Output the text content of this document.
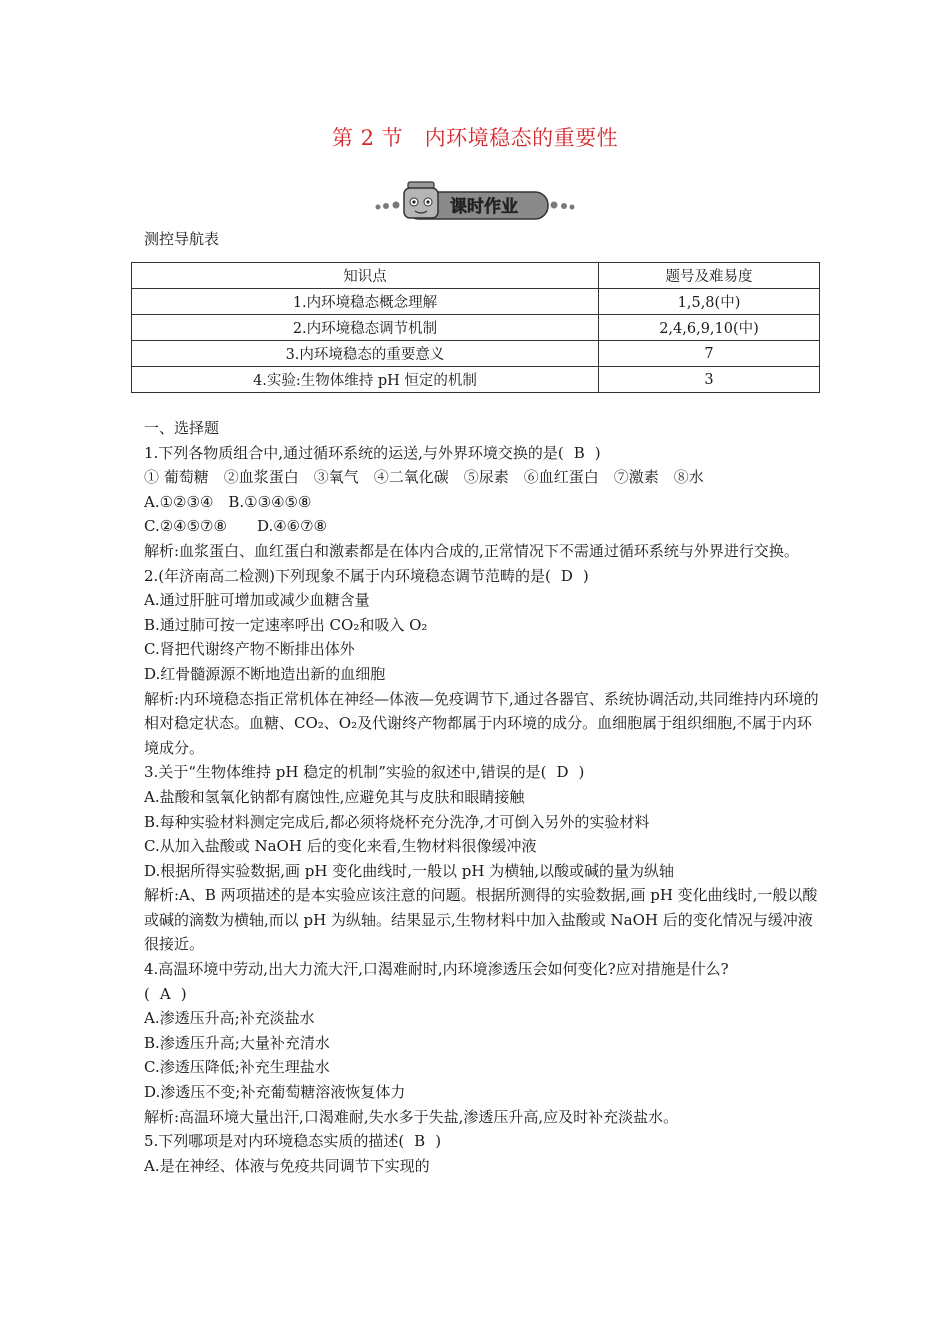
第 2 节　内环境稳态的重要性
课时作业
测控导航表
知识点	题号及难易度
1.内环境稳态概念理解	1,5,8(中)
2.内环境稳态调节机制	2,4,6,9,10(中)
3.内环境稳态的重要意义	7
4.实验:生物体维持 pH 恒定的机制	3

一、选择题

1.下列各物质组合中,通过循环系统的运送,与外界环境交换的是( B )

① 葡萄糖　②血浆蛋白　③氧气　④二氧化碳　⑤尿素　⑥血红蛋白　⑦激素　⑧水

A.①②③④　B.①③④⑤⑧

C.②④⑤⑦⑧　　D.④⑥⑦⑧

解析:血浆蛋白、血红蛋白和激素都是在体内合成的,正常情况下不需通过循环系统与外界进行交换。

2.(年济南高二检测)下列现象不属于内环境稳态调节范畴的是( D )

A.通过肝脏可增加或减少血糖含量

B.通过肺可按一定速率呼出 CO₂和吸入 O₂

C.肾把代谢终产物不断排出体外

D.红骨髓源源不断地造出新的血细胞

解析:内环境稳态指正常机体在神经—体液—免疫调节下,通过各器官、系统协调活动,共同维持内环境的相对稳定状态。血糖、CO₂、O₂及代谢终产物都属于内环境的成分。血细胞属于组织细胞,不属于内环境成分。

3.关于“生物体维持 pH 稳定的机制”实验的叙述中,错误的是( D )

A.盐酸和氢氧化钠都有腐蚀性,应避免其与皮肤和眼睛接触

B.每种实验材料测定完成后,都必须将烧杯充分洗净,才可倒入另外的实验材料

C.从加入盐酸或 NaOH 后的变化来看,生物材料很像缓冲液

D.根据所得实验数据,画 pH 变化曲线时,一般以 pH 为横轴,以酸或碱的量为纵轴

解析:A、B 两项描述的是本实验应该注意的问题。根据所测得的实验数据,画 pH 变化曲线时,一般以酸或碱的滴数为横轴,而以 pH 为纵轴。结果显示,生物材料中加入盐酸或 NaOH 后的变化情况与缓冲液很接近。

4.高温环境中劳动,出大力流大汗,口渴难耐时,内环境渗透压会如何变化?应对措施是什么?

( A )

A.渗透压升高;补充淡盐水

B.渗透压升高;大量补充清水

C.渗透压降低;补充生理盐水

D.渗透压不变;补充葡萄糖溶液恢复体力

解析:高温环境大量出汗,口渴难耐,失水多于失盐,渗透压升高,应及时补充淡盐水。

5.下列哪项是对内环境稳态实质的描述( B )

A.是在神经、体液与免疫共同调节下实现的
